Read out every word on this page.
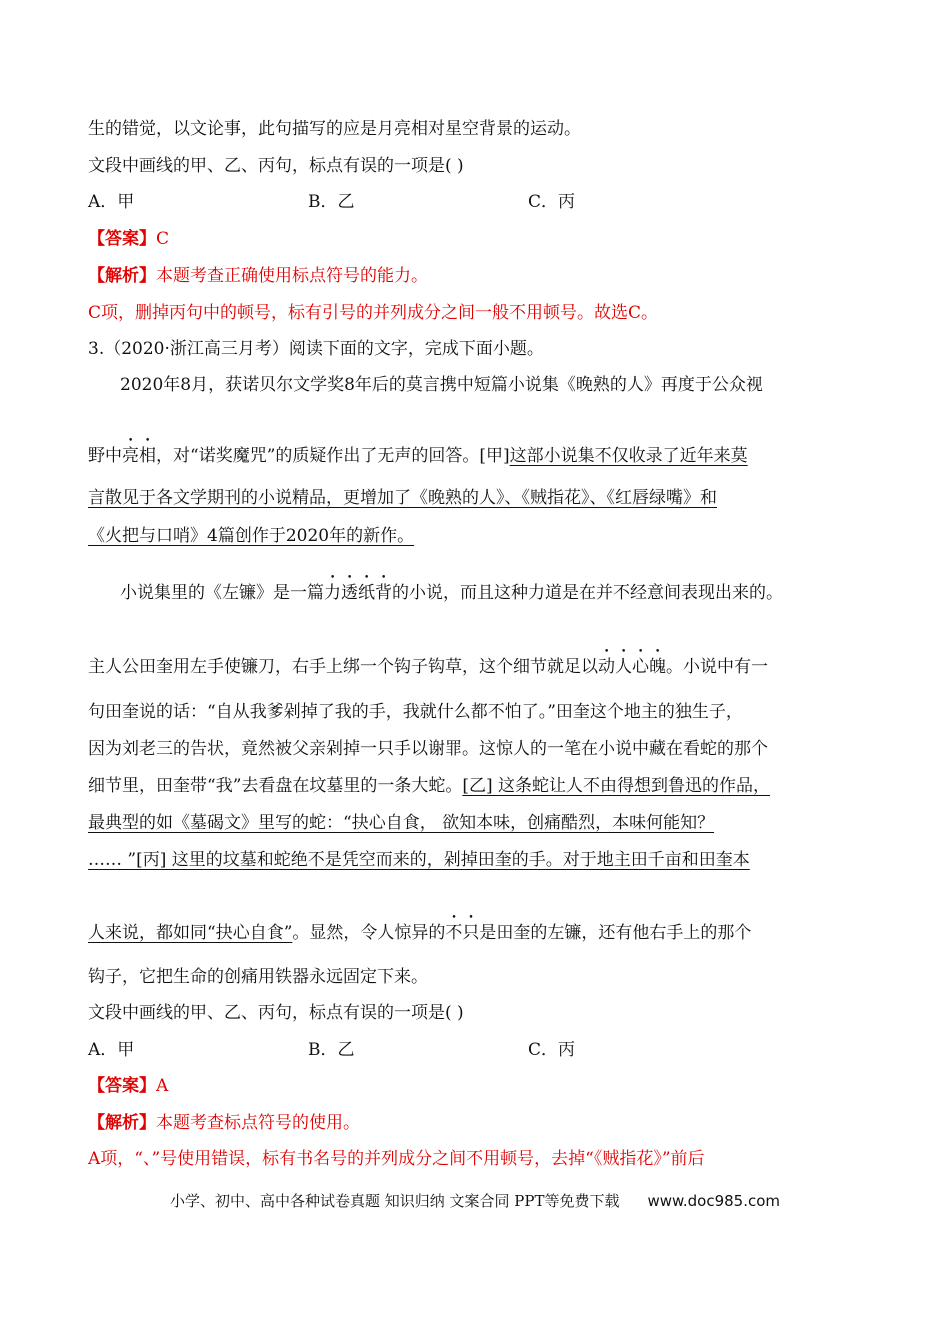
生的错觉，以文论事，此句描写的应是月亮相对星空背景的运动。
文段中画线的甲、乙、丙句，标点有误的一项是( )
A．甲	B．乙	C．丙
【答案】C
【解析】本题考查正确使用标点符号的能力。
C项，删掉丙句中的顿号，标有引号的并列成分之间一般不用顿号。故选C。
3.（2020·浙江高三月考）阅读下面的文字，完成下面小题。
2020年8月，获诺贝尔文学奖8年后的莫言携中短篇小说集《晚熟的人》再度于公众视
野中亮相，对“诺奖魔咒”的质疑作出了无声的回答。[甲]这部小说集不仅收录了近年来莫
言散见于各文学期刊的小说精品，更增加了《晚熟的人》、《贼指花》、《红唇绿嘴》和
《火把与口哨》4篇创作于2020年的新作。
小说集里的《左镰》是一篇力透纸背的小说，而且这种力道是在并不经意间表现出来的。
主人公田奎用左手使镰刀，右手上绑一个钩子钩草，这个细节就足以动人心魄。小说中有一
句田奎说的话：“自从我爹剁掉了我的手，我就什么都不怕了。”田奎这个地主的独生子，
因为刘老三的告状，竟然被父亲剁掉一只手以谢罪。这惊人的一笔在小说中藏在看蛇的那个
细节里，田奎带“我”去看盘在坟墓里的一条大蛇。[乙] 这条蛇让人不由得想到鲁迅的作品，
最典型的如《墓碣文》里写的蛇：“抉心自食， 欲知本味，创痛酷烈，本味何能知？
…… ”[丙] 这里的坟墓和蛇绝不是凭空而来的，剁掉田奎的手。对于地主田千亩和田奎本
人来说，都如同“抉心自食”。显然，令人惊异的不只是田奎的左镰，还有他右手上的那个
钩子，它把生命的创痛用铁器永远固定下来。
文段中画线的甲、乙、丙句，标点有误的一项是( )
A．甲	B．乙	C．丙
【答案】A
【解析】本题考查标点符号的使用。
A项，“、”号使用错误，标有书名号的并列成分之间不用顿号，去掉“《贼指花》”前后
小学、初中、高中各种试卷真题 知识归纳 文案合同 PPT等免费下载 www.doc985.com
